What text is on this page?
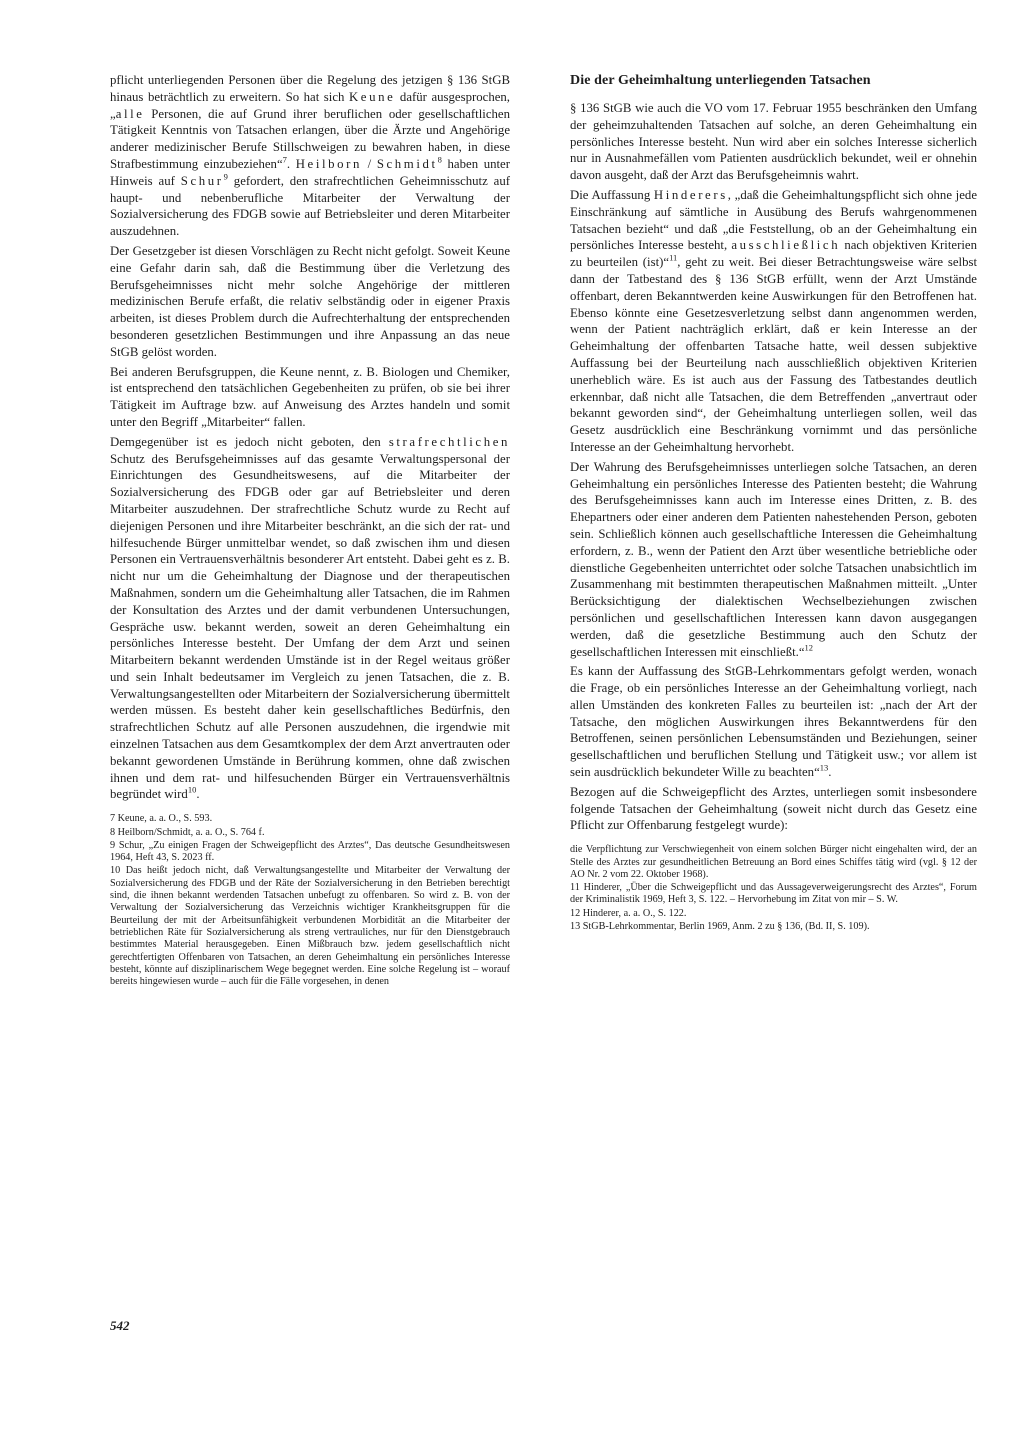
pflicht unterliegenden Personen über die Regelung des jetzigen § 136 StGB hinaus beträchtlich zu erweitern. So hat sich Keune dafür ausgesprochen, „alle Personen, die auf Grund ihrer beruflichen oder gesellschaftlichen Tätigkeit Kenntnis von Tatsachen erlangen, über die Ärzte und Angehörige anderer medizinischer Berufe Stillschweigen zu bewahren haben, in diese Strafbestimmung einzubeziehen“$^7$. Heilborn / Schmidt$^8$ haben unter Hinweis auf Schur$^9$ gefordert, den strafrechtlichen Geheimnisschutz auf haupt- und nebenberufliche Mitarbeiter der Verwaltung der Sozialversicherung des FDGB sowie auf Betriebsleiter und deren Mitarbeiter auszudehnen.

Der Gesetzgeber ist diesen Vorschlägen zu Recht nicht gefolgt. Soweit Keune eine Gefahr darin sah, daß die Bestimmung über die Verletzung des Berufsgeheimnisses nicht mehr solche Angehörige der mittleren medizinischen Berufe erfaßt, die relativ selbständig oder in eigener Praxis arbeiten, ist dieses Problem durch die Aufrechterhaltung der entsprechenden besonderen gesetzlichen Bestimmungen und ihre Anpassung an das neue StGB gelöst worden.

Bei anderen Berufsgruppen, die Keune nennt, z. B. Biologen und Chemiker, ist entsprechend den tatsächlichen Gegebenheiten zu prüfen, ob sie bei ihrer Tätigkeit im Auftrage bzw. auf Anweisung des Arztes handeln und somit unter den Begriff „Mitarbeiter“ fallen.

Demgegenüber ist es jedoch nicht geboten, den strafrechtlichen Schutz des Berufsgeheimnisses auf das gesamte Verwaltungspersonal der Einrichtungen des Gesundheitswesens, auf die Mitarbeiter der Sozialversicherung des FDGB oder gar auf Betriebsleiter und deren Mitarbeiter auszudehnen. Der strafrechtliche Schutz wurde zu Recht auf diejenigen Personen und ihre Mitarbeiter beschränkt, an die sich der rat- und hilfesuchende Bürger unmittelbar wendet, so daß zwischen ihm und diesen Personen ein Vertrauensverhältnis besonderer Art entsteht. Dabei geht es z. B. nicht nur um die Geheimhaltung der Diagnose und der therapeutischen Maßnahmen, sondern um die Geheimhaltung aller Tatsachen, die im Rahmen der Konsultation des Arztes und der damit verbundenen Untersuchungen, Gespräche usw. bekannt werden, soweit an deren Geheimhaltung ein persönliches Interesse besteht. Der Umfang der dem Arzt und seinen Mitarbeitern bekannt werdenden Umstände ist in der Regel weitaus größer und sein Inhalt bedeutsamer im Vergleich zu jenen Tatsachen, die z. B. Verwaltungsangestellten oder Mitarbeitern der Sozialversicherung übermittelt werden müssen. Es besteht daher kein gesellschaftliches Bedürfnis, den strafrechtlichen Schutz auf alle Personen auszudehnen, die irgendwie mit einzelnen Tatsachen aus dem Gesamtkomplex der dem Arzt anvertrauten oder bekannt gewordenen Umstände in Berührung kommen, ohne daß zwischen ihnen und dem rat- und hilfesuchenden Bürger ein Vertrauensverhältnis begründet wird$^{10}$.

7 Keune, a. a. O., S. 593.

8 Heilborn/Schmidt, a. a. O., S. 764 f.

9 Schur, „Zu einigen Fragen der Schweigepflicht des Arztes“, Das deutsche Gesundheitswesen 1964, Heft 43, S. 2023 ff.

10 Das heißt jedoch nicht, daß Verwaltungsangestellte und Mitarbeiter der Verwaltung der Sozialversicherung des FDGB und der Räte der Sozialversicherung in den Betrieben berechtigt sind, die ihnen bekannt werdenden Tatsachen unbefugt zu offenbaren. So wird z. B. von der Verwaltung der Sozialversicherung das Verzeichnis wichtiger Krankheitsgruppen für die Beurteilung der mit der Arbeitsunfähigkeit verbundenen Morbidität an die Mitarbeiter der betrieblichen Räte für Sozialversicherung als streng vertrauliches, nur für den Dienstgebrauch bestimmtes Material herausgegeben. Einen Mißbrauch bzw. jedem gesellschaftlich nicht gerechtfertigten Offenbaren von Tatsachen, an deren Geheimhaltung ein persönliches Interesse besteht, könnte auf disziplinarischem Wege begegnet werden. Eine solche Regelung ist – worauf bereits hingewiesen wurde – auch für die Fälle vorgesehen, in denen

Die der Geheimhaltung unterliegenden Tatsachen

§ 136 StGB wie auch die VO vom 17. Februar 1955 beschränken den Umfang der geheimzuhaltenden Tatsachen auf solche, an deren Geheimhaltung ein persönliches Interesse besteht. Nun wird aber ein solches Interesse sicherlich nur in Ausnahmefällen vom Patienten ausdrücklich bekundet, weil er ohnehin davon ausgeht, daß der Arzt das Berufsgeheimnis wahrt.

Die Auffassung Hinderers, „daß die Geheimhaltungspflicht sich ohne jede Einschränkung auf sämtliche in Ausübung des Berufs wahrgenommenen Tatsachen bezieht“ und daß „die Feststellung, ob an der Geheimhaltung ein persönliches Interesse besteht, ausschließlich nach objektiven Kriterien zu beurteilen (ist)“$^{11}$, geht zu weit. Bei dieser Betrachtungsweise wäre selbst dann der Tatbestand des § 136 StGB erfüllt, wenn der Arzt Umstände offenbart, deren Bekanntwerden keine Auswirkungen für den Betroffenen hat. Ebenso könnte eine Gesetzesverletzung selbst dann angenommen werden, wenn der Patient nachträglich erklärt, daß er kein Interesse an der Geheimhaltung der offenbarten Tatsache hatte, weil dessen subjektive Auffassung bei der Beurteilung nach ausschließlich objektiven Kriterien unerheblich wäre. Es ist auch aus der Fassung des Tatbestandes deutlich erkennbar, daß nicht alle Tatsachen, die dem Betreffenden „anvertraut oder bekannt geworden sind“, der Geheimhaltung unterliegen sollen, weil das Gesetz ausdrücklich eine Beschränkung vornimmt und das persönliche Interesse an der Geheimhaltung hervorhebt.

Der Wahrung des Berufsgeheimnisses unterliegen solche Tatsachen, an deren Geheimhaltung ein persönliches Interesse des Patienten besteht; die Wahrung des Berufsgeheimnisses kann auch im Interesse eines Dritten, z. B. des Ehepartners oder einer anderen dem Patienten nahestehenden Person, geboten sein. Schließlich können auch gesellschaftliche Interessen die Geheimhaltung erfordern, z. B., wenn der Patient den Arzt über wesentliche betriebliche oder dienstliche Gegebenheiten unterrichtet oder solche Tatsachen unabsichtlich im Zusammenhang mit bestimmten therapeutischen Maßnahmen mitteilt. „Unter Berücksichtigung der dialektischen Wechselbeziehungen zwischen persönlichen und gesellschaftlichen Interessen kann davon ausgegangen werden, daß die gesetzliche Bestimmung auch den Schutz der gesellschaftlichen Interessen mit einschließt.“$^{12}$

Es kann der Auffassung des StGB-Lehrkommentars gefolgt werden, wonach die Frage, ob ein persönliches Interesse an der Geheimhaltung vorliegt, nach allen Umständen des konkreten Falles zu beurteilen ist: „nach der Art der Tatsache, den möglichen Auswirkungen ihres Bekanntwerdens für den Betroffenen, seinen persönlichen Lebensumständen und Beziehungen, seiner gesellschaftlichen und beruflichen Stellung und Tätigkeit usw.; vor allem ist sein ausdrücklich bekundeter Wille zu beachten“$^{13}$.

Bezogen auf die Schweigepflicht des Arztes, unterliegen somit insbesondere folgende Tatsachen der Geheimhaltung (soweit nicht durch das Gesetz eine Pflicht zur Offenbarung festgelegt wurde):

die Verpflichtung zur Verschwiegenheit von einem solchen Bürger nicht eingehalten wird, der an Stelle des Arztes zur gesundheitlichen Betreuung an Bord eines Schiffes tätig wird (vgl. § 12 der AO Nr. 2 vom 22. Oktober 1968).

11 Hinderer, „Über die Schweigepflicht und das Aussageverweigerungsrecht des Arztes“, Forum der Kriminalistik 1969, Heft 3, S. 122. – Hervorhebung im Zitat von mir – S. W.

12 Hinderer, a. a. O., S. 122.

13 StGB-Lehrkommentar, Berlin 1969, Anm. 2 zu § 136, (Bd. II, S. 109).

542
